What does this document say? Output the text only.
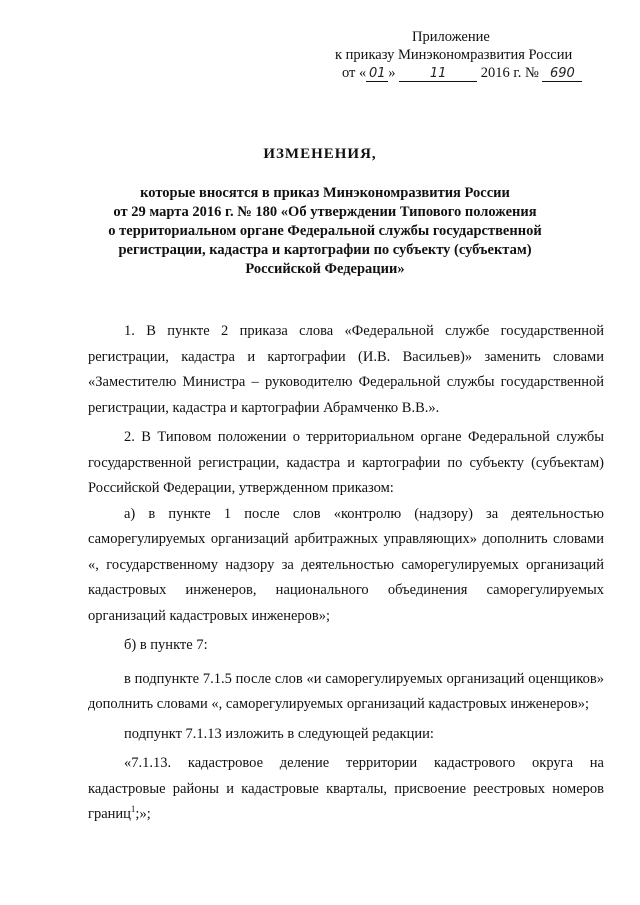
Приложение
к приказу Минэкономразвития России
от « 01 »	11 2016 г. № 690
ИЗМЕНЕНИЯ,
которые вносятся в приказ Минэкономразвития России
от 29 марта 2016 г. № 180 «Об утверждении Типового положения
о территориальном органе Федеральной службы государственной
регистрации, кадастра и картографии по субъекту (субъектам)
Российской Федерации»

1. В пункте 2 приказа слова «Федеральной службе государственной регистрации, кадастра и картографии (И.В. Васильев)» заменить словами «Заместителю Министра – руководителю Федеральной службы государственной регистрации, кадастра и картографии Абрамченко В.В.».

2. В Типовом положении о территориальном органе Федеральной службы государственной регистрации, кадастра и картографии по субъекту (субъектам) Российской Федерации, утвержденном приказом:

а) в пункте 1 после слов «контролю (надзору) за деятельностью саморегулируемых организаций арбитражных управляющих» дополнить словами «, государственному надзору за деятельностью саморегулируемых организаций кадастровых инженеров, национального объединения саморегулируемых организаций кадастровых инженеров»;

б) в пункте 7:

в подпункте 7.1.5 после слов «и саморегулируемых организаций оценщиков» дополнить словами «, саморегулируемых организаций кадастровых инженеров»;

подпункт 7.1.13 изложить в следующей редакции:

«7.1.13. кадастровое деление территории кадастрового округа на кадастровые районы и кадастровые кварталы, присвоение реестровых номеров границ$^1$;»;
